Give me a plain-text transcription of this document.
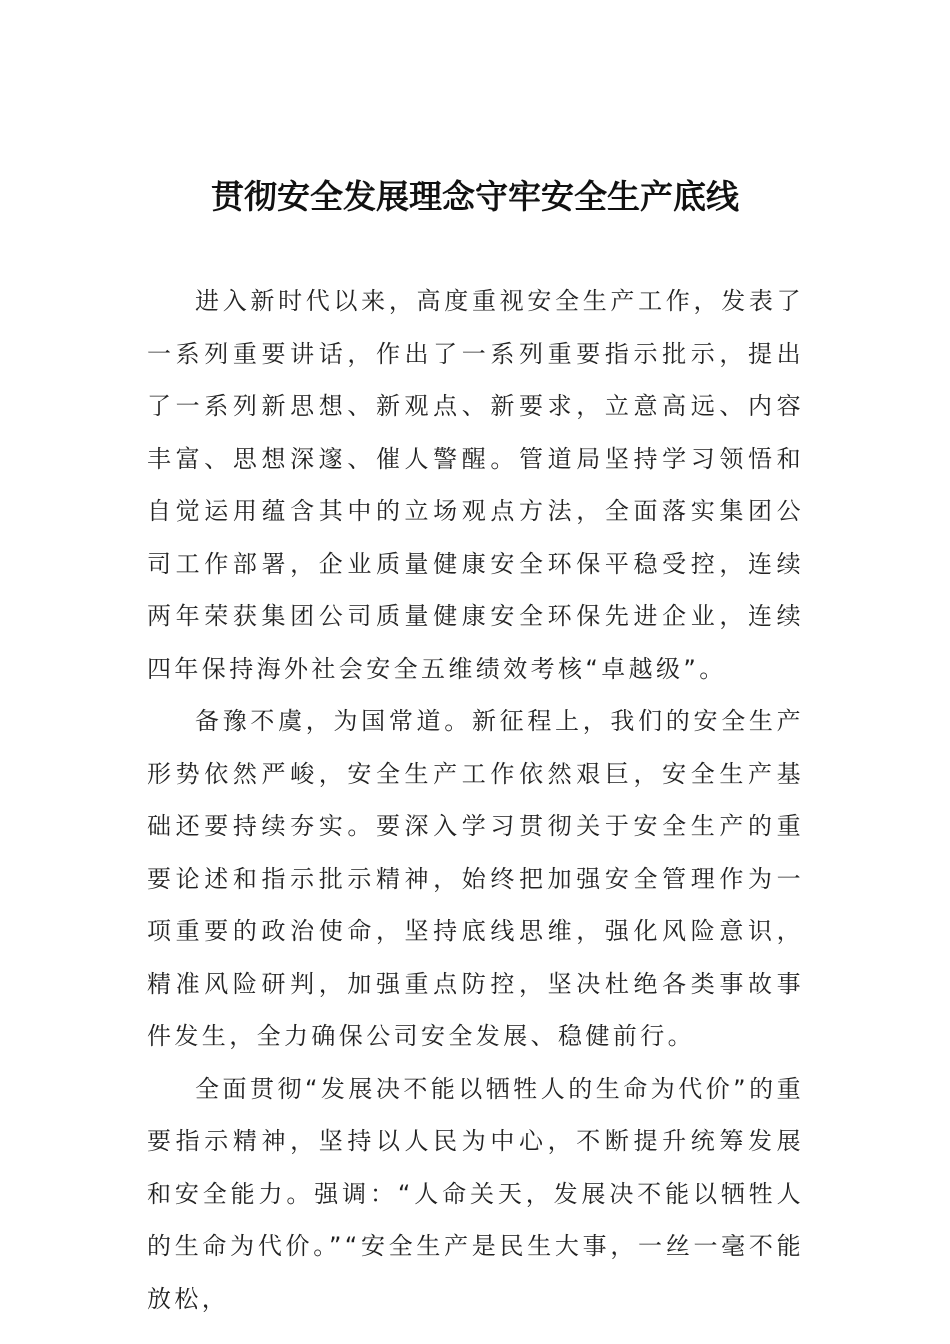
贯彻安全发展理念守牢安全生产底线

进入新时代以来，高度重视安全生产工作，发表了一系列重要讲话，作出了一系列重要指示批示，提出了一系列新思想、新观点、新要求，立意高远、内容丰富、思想深邃、催人警醒。管道局坚持学习领悟和自觉运用蕴含其中的立场观点方法，全面落实集团公司工作部署，企业质量健康安全环保平稳受控，连续两年荣获集团公司质量健康安全环保先进企业，连续四年保持海外社会安全五维绩效考核“卓越级”。

备豫不虞，为国常道。新征程上，我们的安全生产形势依然严峻，安全生产工作依然艰巨，安全生产基础还要持续夯实。要深入学习贯彻关于安全生产的重要论述和指示批示精神，始终把加强安全管理作为一项重要的政治使命，坚持底线思维，强化风险意识，精准风险研判，加强重点防控，坚决杜绝各类事故事件发生，全力确保公司安全发展、稳健前行。

全面贯彻“发展决不能以牺牲人的生命为代价”的重要指示精神，坚持以人民为中心，不断提升统筹发展和安全能力。强调：“人命关天，发展决不能以牺牲人的生命为代价。”“安全生产是民生大事，一丝一毫不能放松，
